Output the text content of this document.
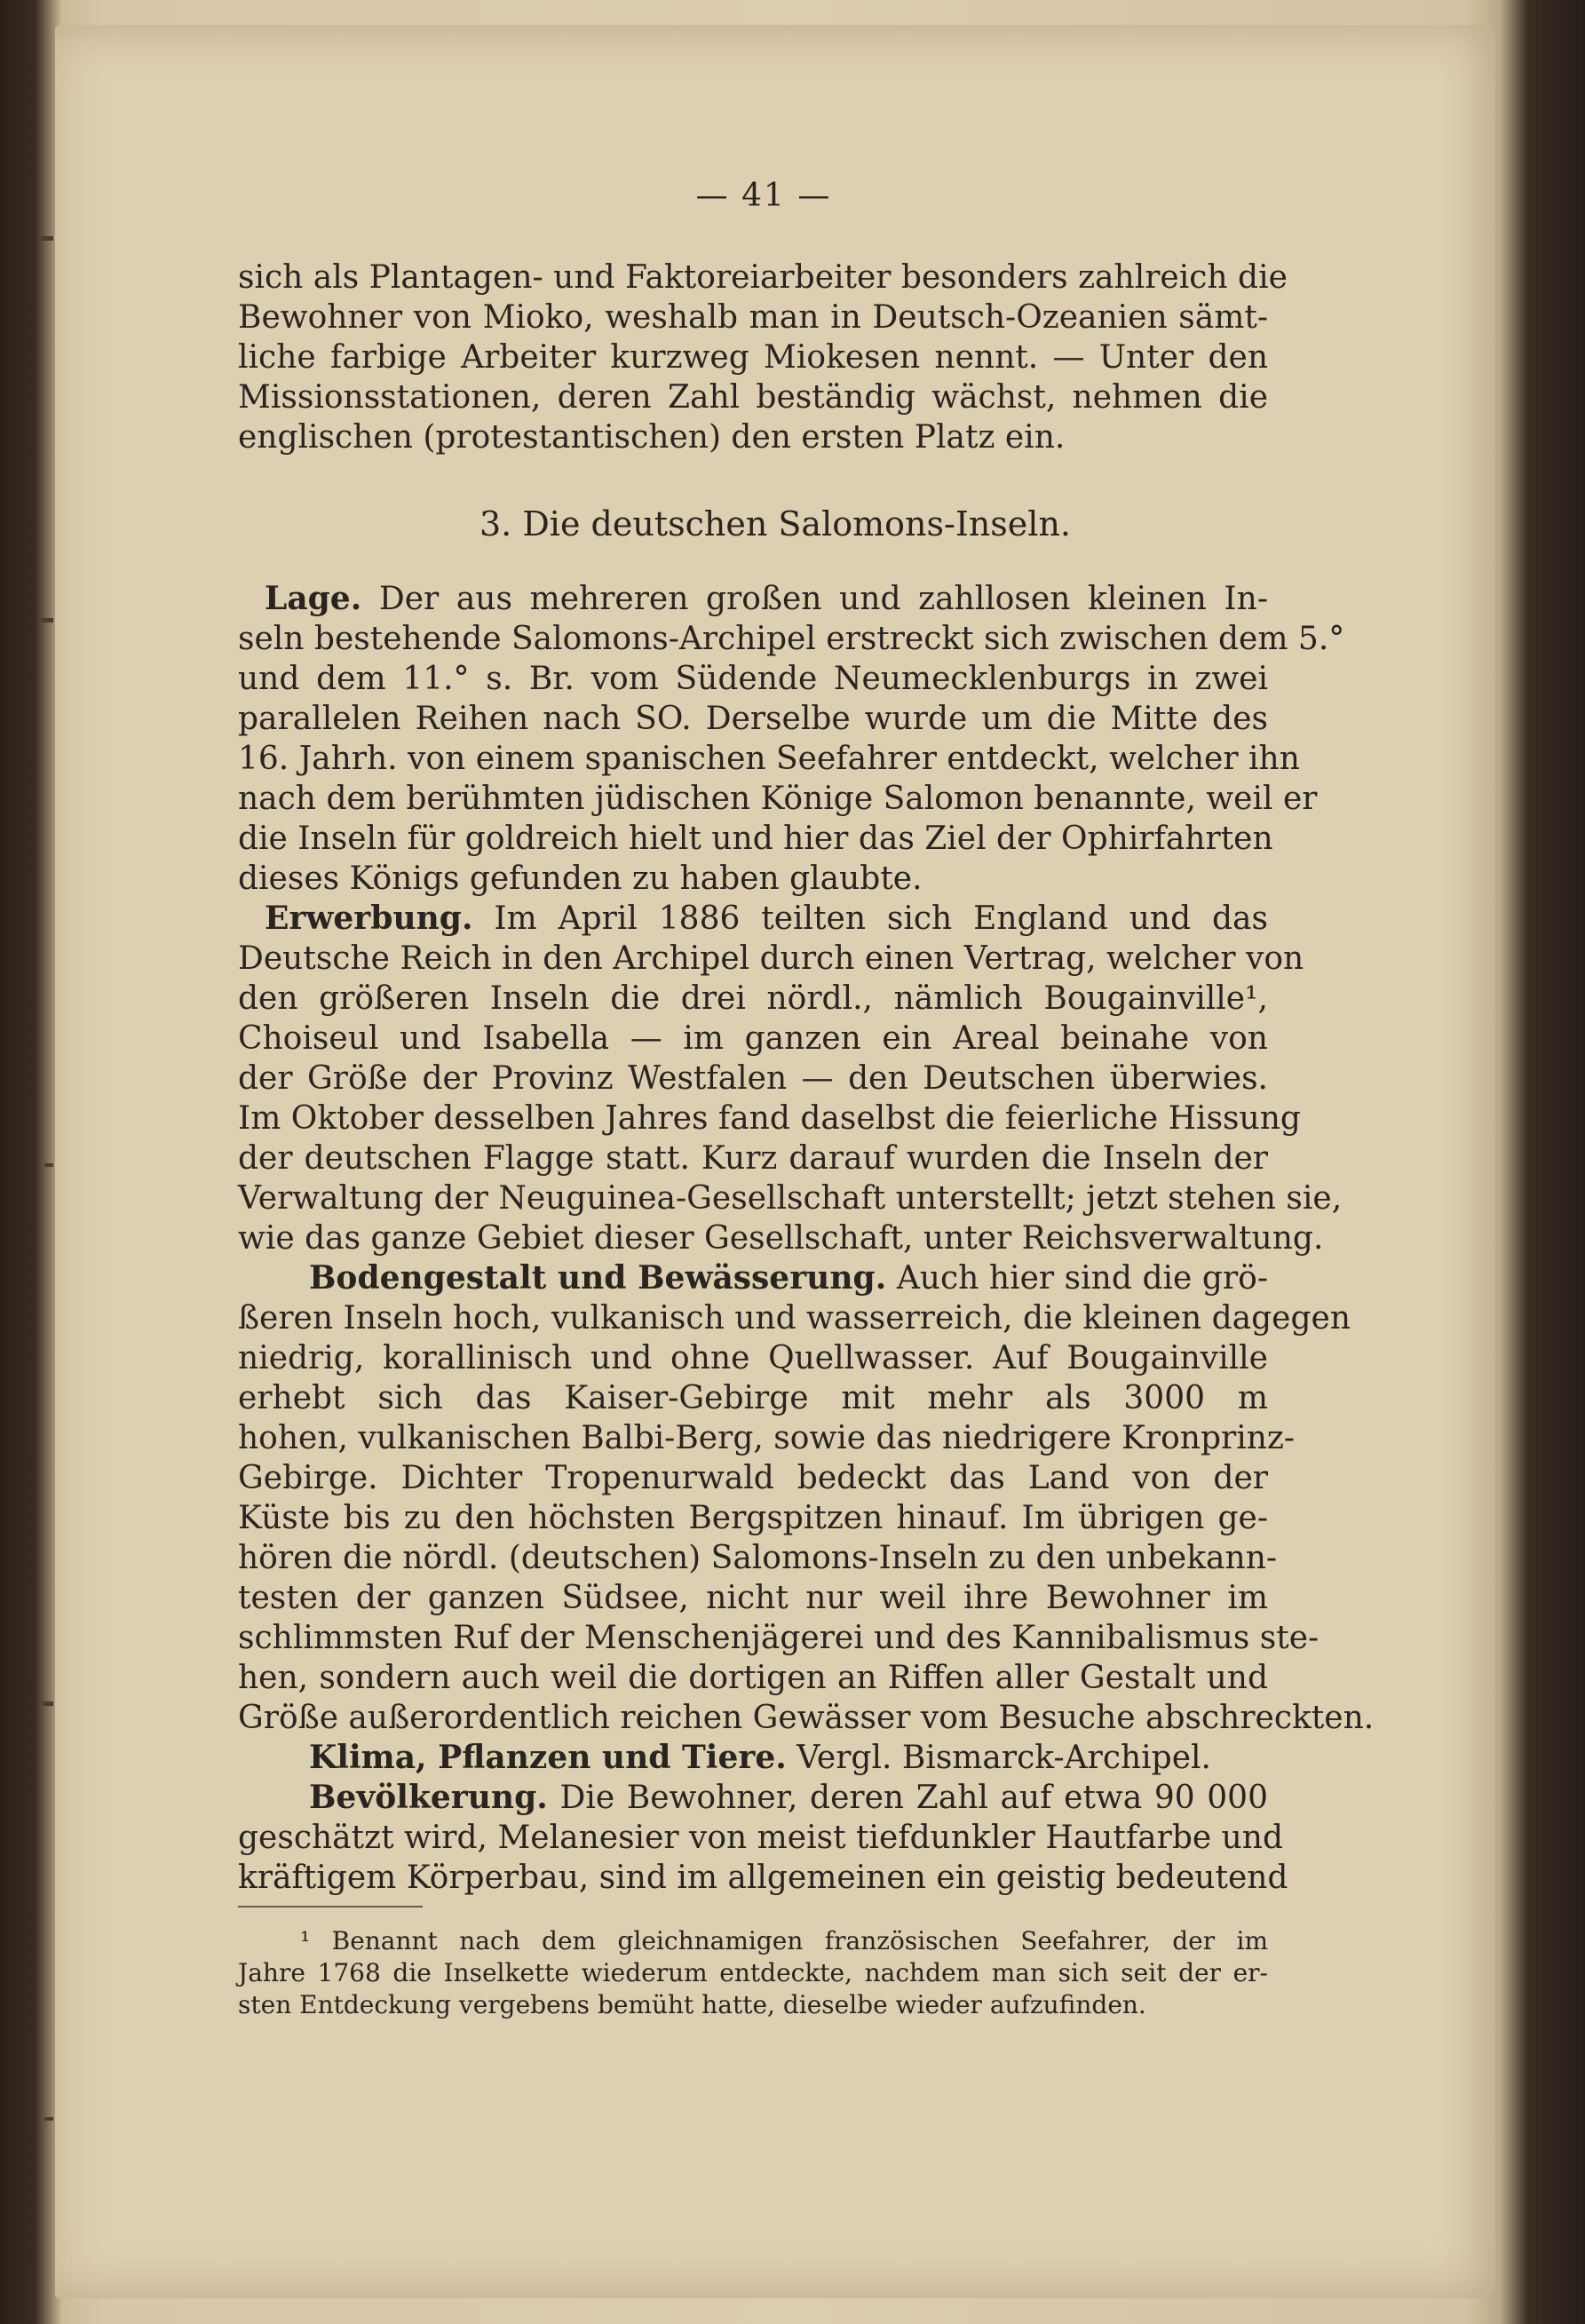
— 41 —
sich als Plantagen- und Faktoreiarbeiter besonders zahlreich die
Bewohner von Mioko, weshalb man in Deutsch-Ozeanien sämt-
liche farbige Arbeiter kurzweg Miokesen nennt. — Unter den
Missionsstationen, deren Zahl beständig wächst, nehmen die
englischen (protestantischen) den ersten Platz ein.
3. Die deutschen Salomons-Inseln.
Lage. Der aus mehreren großen und zahllosen kleinen In-
seln bestehende Salomons-Archipel erstreckt sich zwischen dem 5.°
und dem 11.° s. Br. vom Südende Neumecklenburgs in zwei
parallelen Reihen nach SO. Derselbe wurde um die Mitte des
16. Jahrh. von einem spanischen Seefahrer entdeckt, welcher ihn
nach dem berühmten jüdischen Könige Salomon benannte, weil er
die Inseln für goldreich hielt und hier das Ziel der Ophirfahrten
dieses Königs gefunden zu haben glaubte.
Erwerbung. Im April 1886 teilten sich England und das
Deutsche Reich in den Archipel durch einen Vertrag, welcher von
den größeren Inseln die drei nördl., nämlich Bougainville¹,
Choiseul und Isabella — im ganzen ein Areal beinahe von
der Größe der Provinz Westfalen — den Deutschen überwies.
Im Oktober desselben Jahres fand daselbst die feierliche Hissung
der deutschen Flagge statt. Kurz darauf wurden die Inseln der
Verwaltung der Neuguinea-Gesellschaft unterstellt; jetzt stehen sie,
wie das ganze Gebiet dieser Gesellschaft, unter Reichsverwaltung.
Bodengestalt und Bewässerung. Auch hier sind die grö-
ßeren Inseln hoch, vulkanisch und wasserreich, die kleinen dagegen
niedrig, korallinisch und ohne Quellwasser. Auf Bougainville
erhebt sich das Kaiser-Gebirge mit mehr als 3000 m
hohen, vulkanischen Balbi-Berg, sowie das niedrigere Kronprinz-
Gebirge. Dichter Tropenurwald bedeckt das Land von der
Küste bis zu den höchsten Bergspitzen hinauf. Im übrigen ge-
hören die nördl. (deutschen) Salomons-Inseln zu den unbekann-
testen der ganzen Südsee, nicht nur weil ihre Bewohner im
schlimmsten Ruf der Menschenjägerei und des Kannibalismus ste-
hen, sondern auch weil die dortigen an Riffen aller Gestalt und
Größe außerordentlich reichen Gewässer vom Besuche abschreckten.
Klima, Pflanzen und Tiere. Vergl. Bismarck-Archipel.
Bevölkerung. Die Bewohner, deren Zahl auf etwa 90 000
geschätzt wird, Melanesier von meist tiefdunkler Hautfarbe und
kräftigem Körperbau, sind im allgemeinen ein geistig bedeutend
¹ Benannt nach dem gleichnamigen französischen Seefahrer, der im
Jahre 1768 die Inselkette wiederum entdeckte, nachdem man sich seit der er-
sten Entdeckung vergebens bemüht hatte, dieselbe wieder aufzufinden.
